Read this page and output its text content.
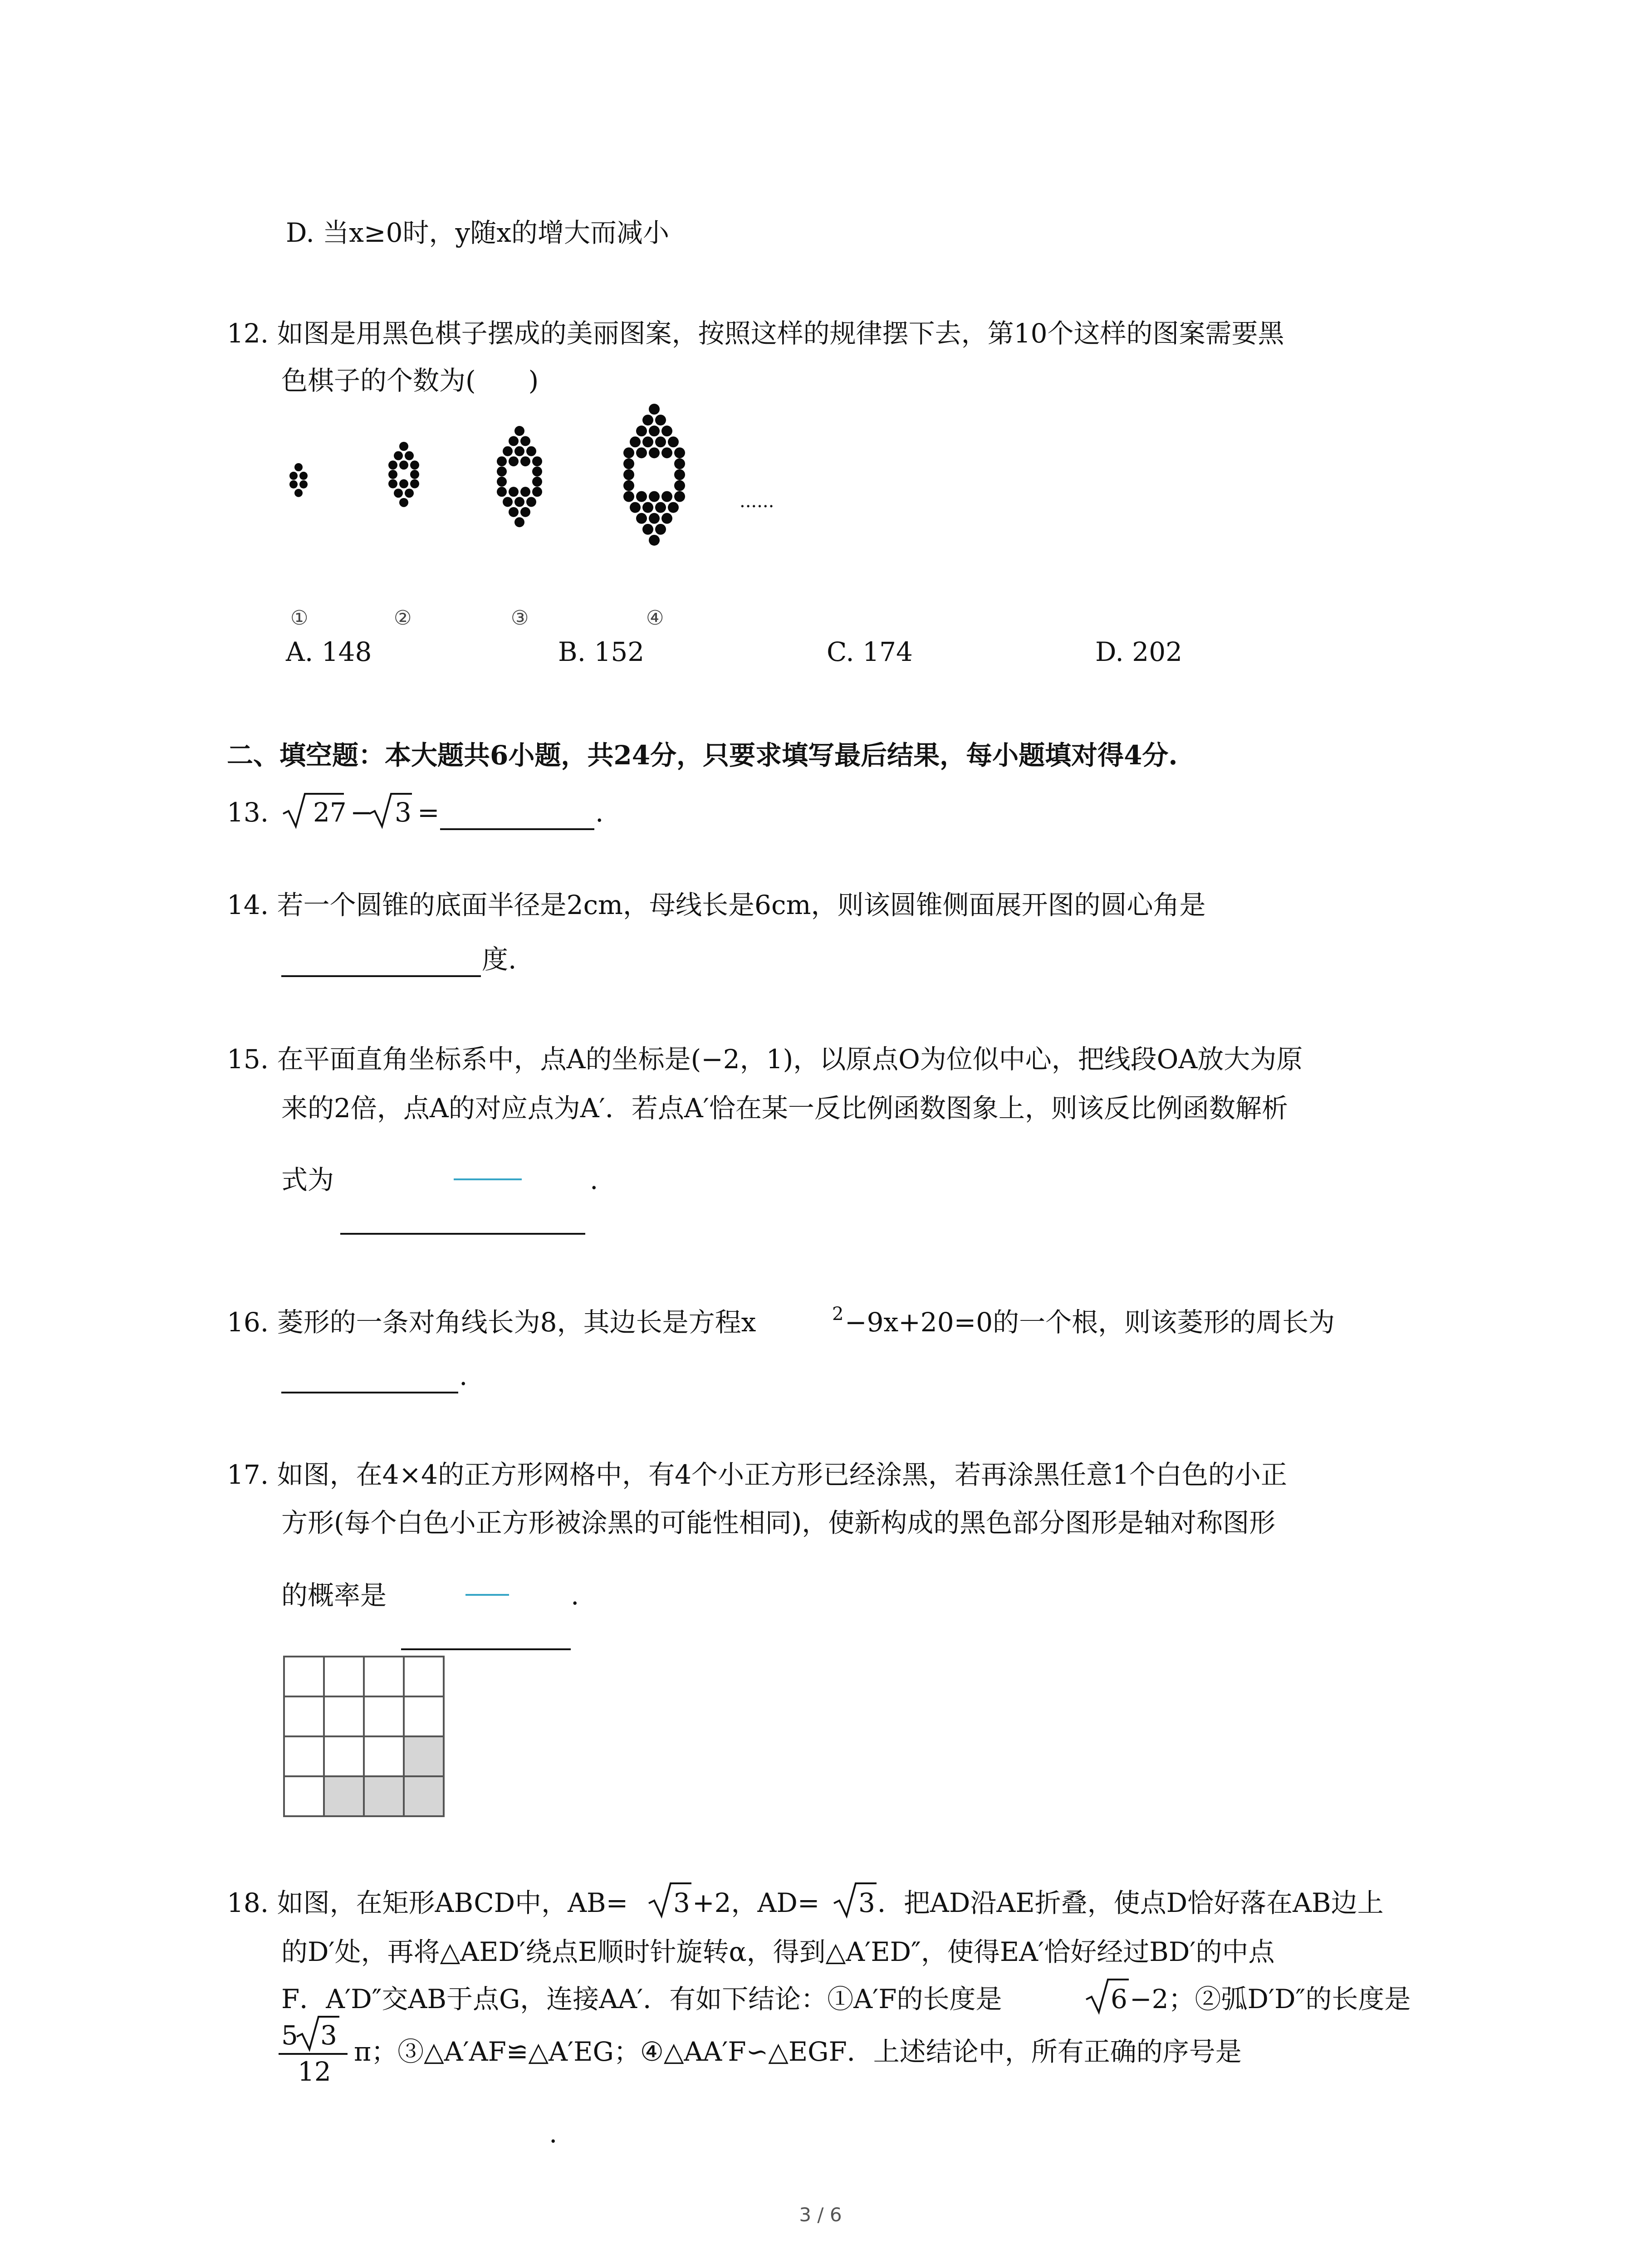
D. 当x≥0时，y随x的增大而减小
12. 如图是用黑色棋子摆成的美丽图案，按照这样的规律摆下去，第10个这样的图案需要黑
色棋子的个数为(　　)
......
①	②	③	④
A. 148	B. 152	C. 174	D. 202
二、填空题：本大题共6小题，共24分，只要求填写最后结果，每小题填对得4分.
13. 27 − 3 =	.
14. 若一个圆锥的底面半径是2cm，母线长是6cm，则该圆锥侧面展开图的圆心角是
度.
15. 在平面直角坐标系中，点A的坐标是(−2，1)，以原点O为位似中心，把线段OA放大为原
来的2倍，点A的对应点为A′．若点A′恰在某一反比例函数图象上，则该反比例函数解析
式为	.
16. 菱形的一条对角线长为8，其边长是方程x	2 −9x+20=0的一个根，则该菱形的周长为
.
17. 如图，在4×4的正方形网格中，有4个小正方形已经涂黑，若再涂黑任意1个白色的小正
方形(每个白色小正方形被涂黑的可能性相同)，使新构成的黑色部分图形是轴对称图形
的概率是	.

18. 如图，在矩形ABCD中，AB= 3 +2，AD= 3 ．把AD沿AE折叠，使点D恰好落在AB边上
的D′处，再将△AED′绕点E顺时针旋转α，得到△A′ED″，使得EA′恰好经过BD′的中点
F．A′D″交AB于点G，连接AA′．有如下结论：①A′F的长度是	6 −2；②弧D′D″的长度是
5 3
12
π；③△A′AF≌△A′EG；④△AA′F∽△EGF．上述结论中，所有正确的序号是
.
3 / 6
